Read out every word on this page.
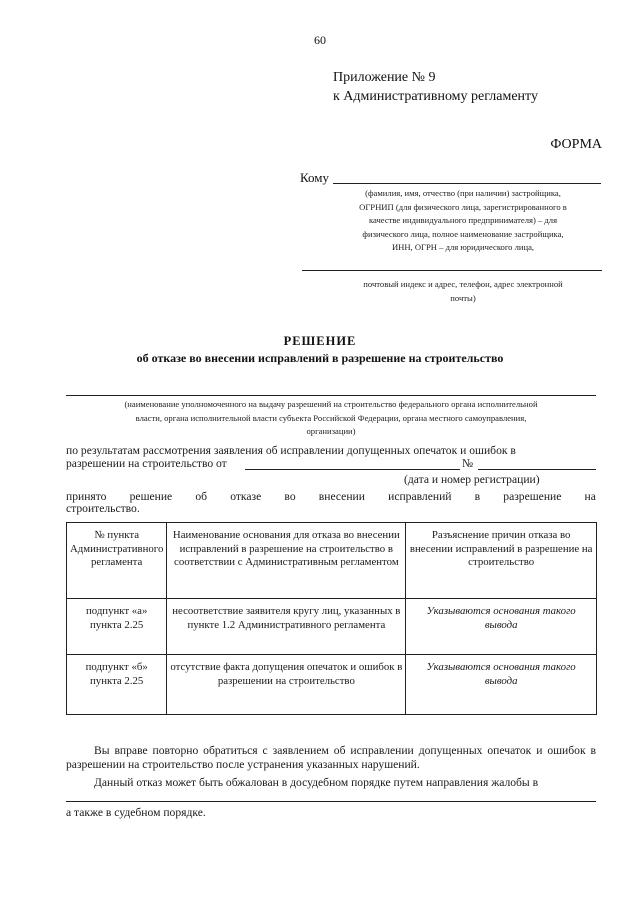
60
Приложение № 9
к Административному регламенту
ФОРМА
Кому
(фамилия, имя, отчество (при наличии) застройщика,
ОГРНИП (для физического лица, зарегистрированного в
качестве индивидуального предпринимателя) – для
физического лица, полное наименование застройщика,
ИНН, ОГРН – для юридического лица,
почтовый индекс и адрес, телефон, адрес электронной
почты)
РЕШЕНИЕ
об отказе во внесении исправлений в разрешение на строительство
(наименование уполномоченного на выдачу разрешений на строительство федерального органа исполнительной
власти, органа исполнительной власти субъекта Российской Федерации, органа местного самоуправления,
организации)
по результатам рассмотрения заявления об исправлении допущенных опечаток и ошибок в
разрешении на строительство от	№
(дата и номер регистрации)
принято решение об отказе во внесении исправлений в разрешение на
строительство.
№ пункта Административного регламента	Наименование основания для отказа во внесении исправлений в разрешение на строительство в соответствии с Административным регламентом	Разъяснение причин отказа во внесении исправлений в разрешение на строительство
подпункт «а» пункта 2.25	несоответствие заявителя кругу лиц, указанных в пункте 1.2 Административного регламента	Указываются основания такого вывода
подпункт «б» пункта 2.25	отсутствие факта допущения опечаток и ошибок в разрешении на строительство	Указываются основания такого вывода
Вы вправе повторно обратиться с заявлением об исправлении допущенных опечаток и ошибок в разрешении на строительство после устранения указанных нарушений.
Данный отказ может быть обжалован в досудебном порядке путем направления жалобы в
а также в судебном порядке.
